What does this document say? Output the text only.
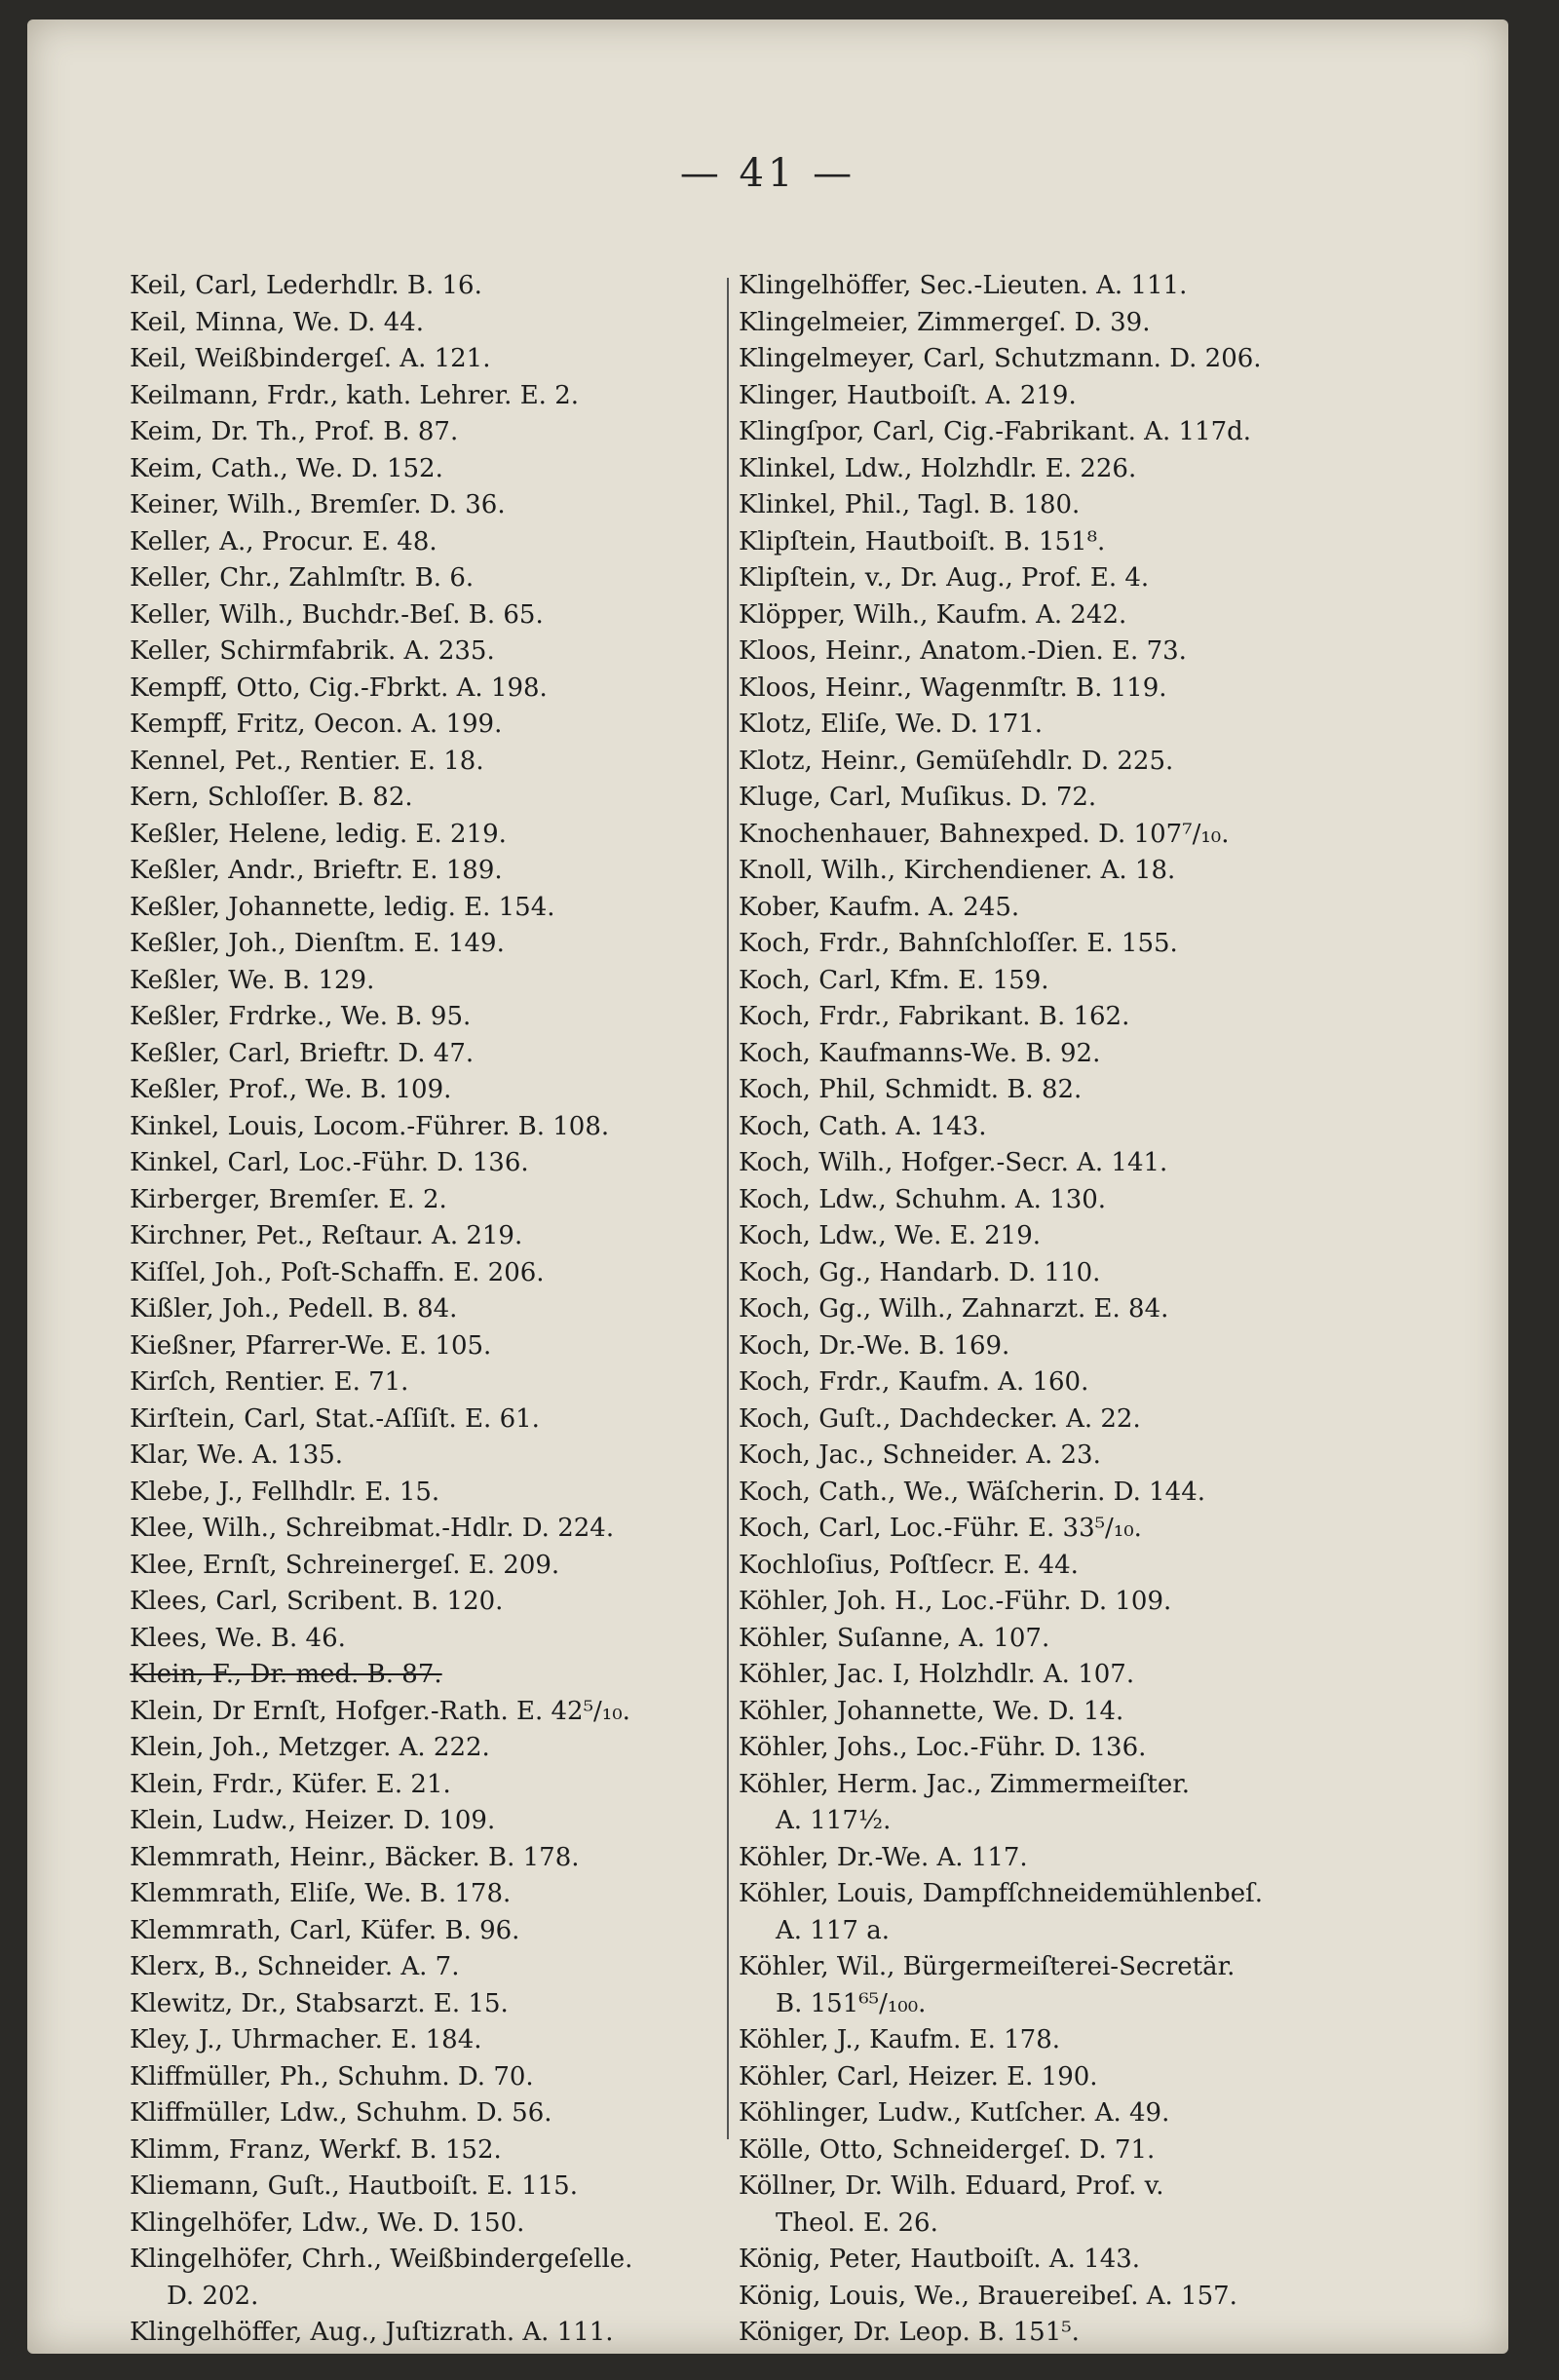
— 41 —
Keil, Carl, Lederhdlr. B. 16.
Keil, Minna, We. D. 44.
Keil, Weißbindergeſ. A. 121.
Keilmann, Frdr., kath. Lehrer. E. 2.
Keim, Dr. Th., Prof. B. 87.
Keim, Cath., We. D. 152.
Keiner, Wilh., Bremſer. D. 36.
Keller, A., Procur. E. 48.
Keller, Chr., Zahlmſtr. B. 6.
Keller, Wilh., Buchdr.-Beſ. B. 65.
Keller, Schirmfabrik. A. 235.
Kempff, Otto, Cig.-Fbrkt. A. 198.
Kempff, Fritz, Oecon. A. 199.
Kennel, Pet., Rentier. E. 18.
Kern, Schloſſer. B. 82.
Keßler, Helene, ledig. E. 219.
Keßler, Andr., Brieftr. E. 189.
Keßler, Johannette, ledig. E. 154.
Keßler, Joh., Dienſtm. E. 149.
Keßler, We. B. 129.
Keßler, Frdrke., We. B. 95.
Keßler, Carl, Brieftr. D. 47.
Keßler, Prof., We. B. 109.
Kinkel, Louis, Locom.-Führer. B. 108.
Kinkel, Carl, Loc.-Führ. D. 136.
Kirberger, Bremſer. E. 2.
Kirchner, Pet., Reſtaur. A. 219.
Kiſſel, Joh., Poſt-Schaffn. E. 206.
Kißler, Joh., Pedell. B. 84.
Kießner, Pfarrer-We. E. 105.
Kirſch, Rentier. E. 71.
Kirſtein, Carl, Stat.-Aſſiſt. E. 61.
Klar, We. A. 135.
Klebe, J., Fellhdlr. E. 15.
Klee, Wilh., Schreibmat.-Hdlr. D. 224.
Klee, Ernſt, Schreinergeſ. E. 209.
Klees, Carl, Scribent. B. 120.
Klees, We. B. 46.
Klein, F., Dr. med. B. 87.
Klein, Dr Ernſt, Hofger.-Rath. E. 42⁵/₁₀.
Klein, Joh., Metzger. A. 222.
Klein, Frdr., Küfer. E. 21.
Klein, Ludw., Heizer. D. 109.
Klemmrath, Heinr., Bäcker. B. 178.
Klemmrath, Eliſe, We. B. 178.
Klemmrath, Carl, Küfer. B. 96.
Klerx, B., Schneider. A. 7.
Klewitz, Dr., Stabsarzt. E. 15.
Kley, J., Uhrmacher. E. 184.
Kliffmüller, Ph., Schuhm. D. 70.
Kliffmüller, Ldw., Schuhm. D. 56.
Klimm, Franz, Werkf. B. 152.
Kliemann, Guſt., Hautboiſt. E. 115.
Klingelhöfer, Ldw., We. D. 150.
Klingelhöfer, Chrh., Weißbindergeſelle.
D. 202.
Klingelhöffer, Aug., Juſtizrath. A. 111.
Klingelhöffer, Sec.-Lieuten. A. 111.
Klingelmeier, Zimmergeſ. D. 39.
Klingelmeyer, Carl, Schutzmann. D. 206.
Klinger, Hautboiſt. A. 219.
Klingſpor, Carl, Cig.-Fabrikant. A. 117d.
Klinkel, Ldw., Holzhdlr. E. 226.
Klinkel, Phil., Tagl. B. 180.
Klipſtein, Hautboiſt. B. 151⁸.
Klipſtein, v., Dr. Aug., Prof. E. 4.
Klöpper, Wilh., Kaufm. A. 242.
Kloos, Heinr., Anatom.-Dien. E. 73.
Kloos, Heinr., Wagenmſtr. B. 119.
Klotz, Eliſe, We. D. 171.
Klotz, Heinr., Gemüſehdlr. D. 225.
Kluge, Carl, Muſikus. D. 72.
Knochenhauer, Bahnexped. D. 107⁷/₁₀.
Knoll, Wilh., Kirchendiener. A. 18.
Kober, Kaufm. A. 245.
Koch, Frdr., Bahnſchloſſer. E. 155.
Koch, Carl, Kfm. E. 159.
Koch, Frdr., Fabrikant. B. 162.
Koch, Kaufmanns-We. B. 92.
Koch, Phil, Schmidt. B. 82.
Koch, Cath. A. 143.
Koch, Wilh., Hofger.-Secr. A. 141.
Koch, Ldw., Schuhm. A. 130.
Koch, Ldw., We. E. 219.
Koch, Gg., Handarb. D. 110.
Koch, Gg., Wilh., Zahnarzt. E. 84.
Koch, Dr.-We. B. 169.
Koch, Frdr., Kaufm. A. 160.
Koch, Guſt., Dachdecker. A. 22.
Koch, Jac., Schneider. A. 23.
Koch, Cath., We., Wäſcherin. D. 144.
Koch, Carl, Loc.-Führ. E. 33⁵/₁₀.
Kochloſius, Poſtſecr. E. 44.
Köhler, Joh. H., Loc.-Führ. D. 109.
Köhler, Suſanne, A. 107.
Köhler, Jac. I, Holzhdlr. A. 107.
Köhler, Johannette, We. D. 14.
Köhler, Johs., Loc.-Führ. D. 136.
Köhler, Herm. Jac., Zimmermeiſter.
A. 117½.
Köhler, Dr.-We. A. 117.
Köhler, Louis, Dampfſchneidemühlenbeſ.
A. 117 a.
Köhler, Wil., Bürgermeiſterei-Secretär.
B. 151⁶⁵/₁₀₀.
Köhler, J., Kaufm. E. 178.
Köhler, Carl, Heizer. E. 190.
Köhlinger, Ludw., Kutſcher. A. 49.
Kölle, Otto, Schneidergeſ. D. 71.
Köllner, Dr. Wilh. Eduard, Prof. v.
Theol. E. 26.
König, Peter, Hautboiſt. A. 143.
König, Louis, We., Brauereibeſ. A. 157.
Königer, Dr. Leop. B. 151⁵.
